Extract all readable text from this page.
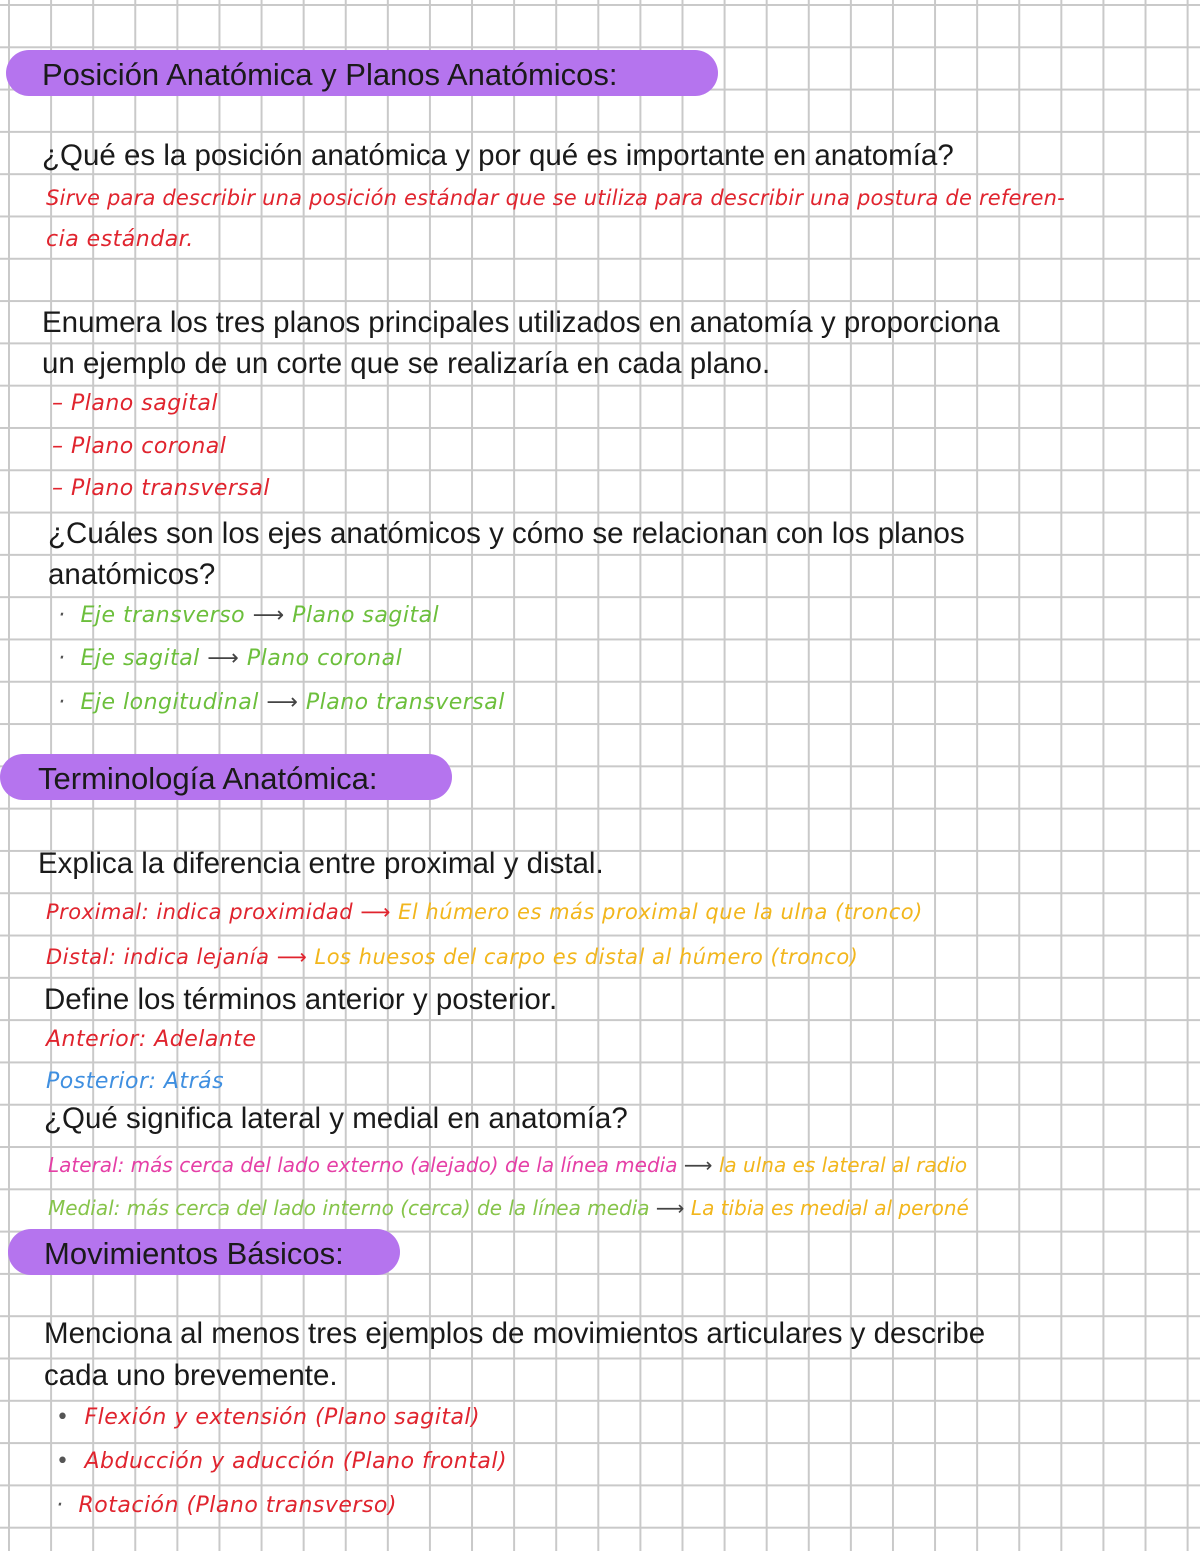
Posición Anatómica y Planos Anatómicos:
¿Qué es la posición anatómica y por qué es importante en anatomía?
Sirve para describir una posición estándar que se utiliza para describir una postura de referen-
cia estándar.
Enumera los tres planos principales utilizados en anatomía y proporciona
un ejemplo de un corte que se realizaría en cada plano.
– Plano sagital
– Plano coronal
– Plano transversal
¿Cuáles son los ejes anatómicos y cómo se relacionan con los planos
anatómicos?
· Eje transverso ⟶ Plano sagital
· Eje sagital ⟶ Plano coronal
· Eje longitudinal ⟶ Plano transversal
Terminología Anatómica:
Explica la diferencia entre proximal y distal.
Proximal: indica proximidad ⟶ El húmero es más proximal que la ulna (tronco)
Distal: indica lejanía ⟶ Los huesos del carpo es distal al húmero (tronco)
Define los términos anterior y posterior.
Anterior: Adelante
Posterior: Atrás
¿Qué significa lateral y medial en anatomía?
Lateral: más cerca del lado externo (alejado) de la línea media ⟶ la ulna es lateral al radio
Medial: más cerca del lado interno (cerca) de la línea media ⟶ La tibia es medial al peroné
Movimientos Básicos:
Menciona al menos tres ejemplos de movimientos articulares y describe
cada uno brevemente.
• Flexión y extensión (Plano sagital)
• Abducción y aducción (Plano frontal)
· Rotación (Plano transverso)
